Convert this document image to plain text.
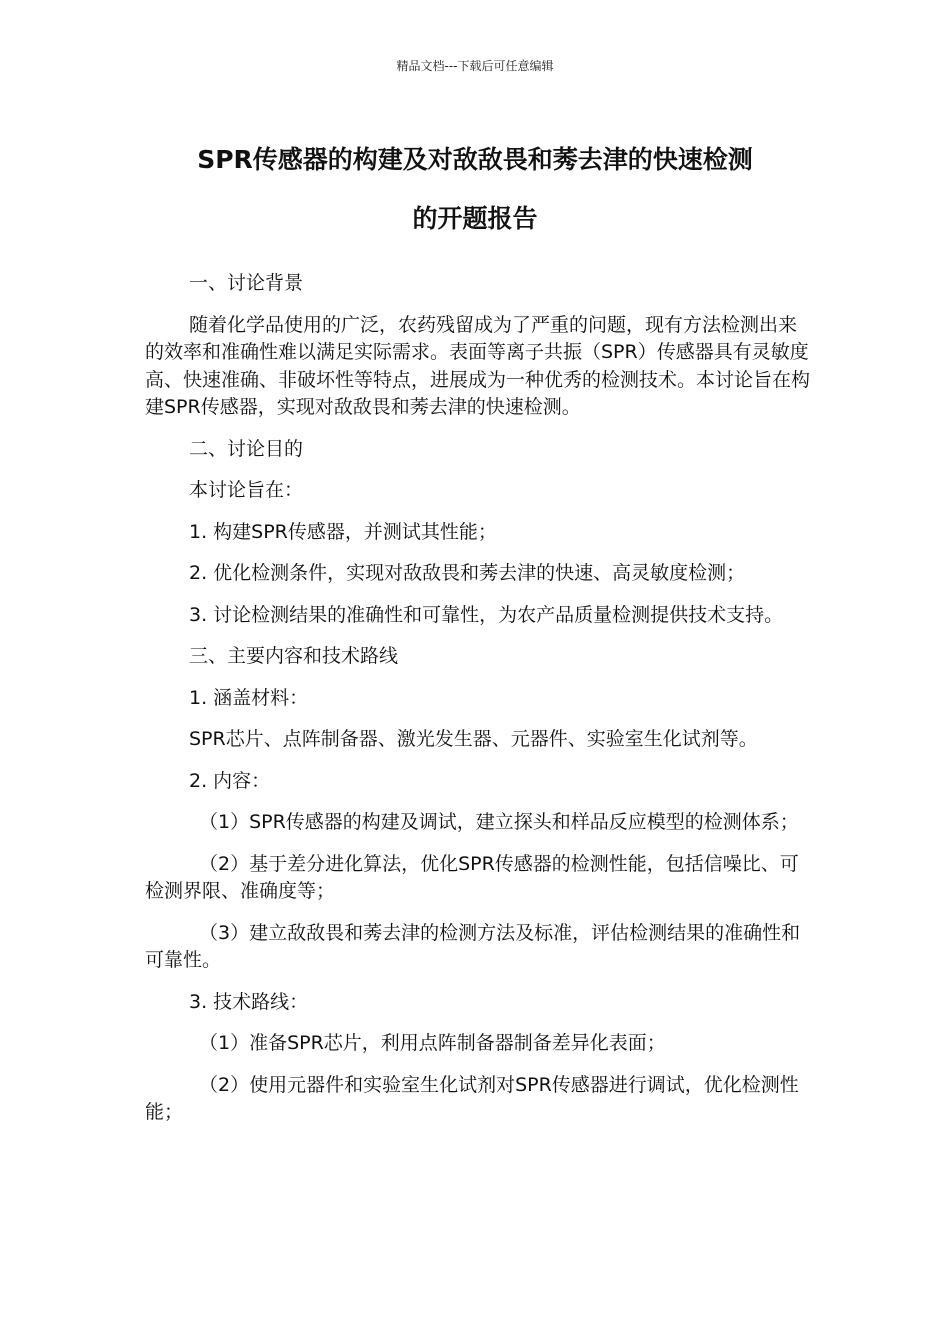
精品文档---下载后可任意编辑
SPR传感器的构建及对敌敌畏和莠去津的快速检测
的开题报告

一、讨论背景

随着化学品使用的广泛，农药残留成为了严重的问题，现有方法检测出来的效率和准确性难以满足实际需求。表面等离子共振（SPR）传感器具有灵敏度高、快速准确、非破坏性等特点，进展成为一种优秀的检测技术。本讨论旨在构建SPR传感器，实现对敌敌畏和莠去津的快速检测。

二、讨论目的

本讨论旨在：

1. 构建SPR传感器，并测试其性能；

2. 优化检测条件，实现对敌敌畏和莠去津的快速、高灵敏度检测；

3. 讨论检测结果的准确性和可靠性，为农产品质量检测提供技术支持。

三、主要内容和技术路线

1. 涵盖材料：

SPR芯片、点阵制备器、激光发生器、元器件、实验室生化试剂等。

2. 内容：

（1）SPR传感器的构建及调试，建立探头和样品反应模型的检测体系；

（2）基于差分进化算法，优化SPR传感器的检测性能，包括信噪比、可检测界限、准确度等；

（3）建立敌敌畏和莠去津的检测方法及标准，评估检测结果的准确性和可靠性。

3. 技术路线：

（1）准备SPR芯片，利用点阵制备器制备差异化表面；

（2）使用元器件和实验室生化试剂对SPR传感器进行调试，优化检测性能；
